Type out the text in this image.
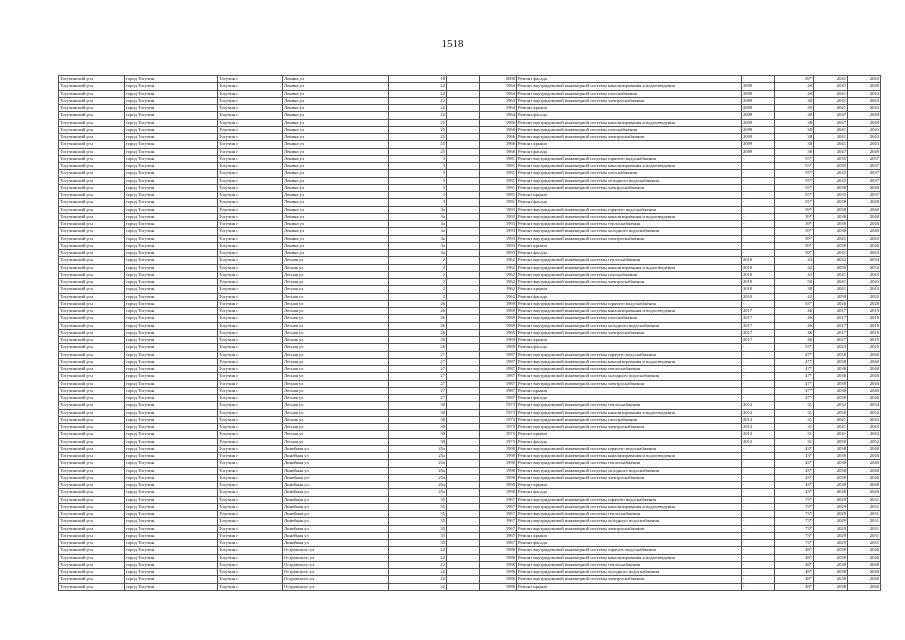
1518
Тогучинский р-н	город Тогучин	Тогучин г	Ленина ул	18		2000	Ремонт фасада	-	29*	2041	2043
Тогучинский р-н	город Тогучин	Тогучин г	Ленина ул	22		1964	Ремонт внутридомовой инженерной системы канализирования и водоотведения	2009	40	2047	2049
Тогучинский р-н	город Тогучин	Тогучин г	Ленина ул	22		1964	Ремонт внутридомовой инженерной системы газоснабжения	2009	40	2041	2043
Тогучинский р-н	город Тогучин	Тогучин г	Ленина ул	22		1964	Ремонт внутридомовой инженерной системы электроснабжения	2009	40	2041	2043
Тогучинский р-н	город Тогучин	Тогучин г	Ленина ул	22		1964	Ремонт крыши	2009	40	2041	2043
Тогучинский р-н	город Тогучин	Тогучин г	Ленина ул	22		1964	Ремонт фасада	2009	40	2047	2049
Тогучинский р-н	город Тогучин	Тогучин г	Ленина ул	25		1966	Ремонт внутридомовой инженерной системы канализирования и водоотведения	2009	38	2047	2049
Тогучинский р-н	город Тогучин	Тогучин г	Ленина ул	25		1966	Ремонт внутридомовой инженерной системы газоснабжения	2009	38	2041	2043
Тогучинский р-н	город Тогучин	Тогучин г	Ленина ул	25		1966	Ремонт внутридомовой инженерной системы электроснабжения	2009	38	2041	2043
Тогучинский р-н	город Тогучин	Тогучин г	Ленина ул	25		1966	Ремонт крыши	2009	38	2041	2043
Тогучинский р-н	город Тогучин	Тогучин г	Ленина ул	25		1966	Ремонт фасада	2009	38	2047	2049
Тогучинский р-н	город Тогучин	Тогучин г	Ленина ул	3		1981	Ремонт внутридомовой инженерной системы горячего водоснабжения	-	55*	2035	2037
Тогучинский р-н	город Тогучин	Тогучин г	Ленина ул	3		1981	Ремонт внутридомовой инженерной системы канализирования и водоотведения	-	55*	2035	2037
Тогучинский р-н	город Тогучин	Тогучин г	Ленина ул	3		1981	Ремонт внутридомовой инженерной системы газоснабжения	-	55*	2035	2037
Тогучинский р-н	город Тогучин	Тогучин г	Ленина ул	3		1981	Ремонт внутридомовой инженерной системы холодного водоснабжения	-	55*	2035	2037
Тогучинский р-н	город Тогучин	Тогучин г	Ленина ул	3		1981	Ремонт внутридомовой инженерной системы электроснабжения	-	55*	2038	2040
Тогучинский р-н	город Тогучин	Тогучин г	Ленина ул	3		1981	Ремонт крыши	-	55*	2035	2037
Тогучинский р-н	город Тогучин	Тогучин г	Ленина ул	3		1981	Ремонт фасада	-	55*	2038	2040
Тогучинский р-н	город Тогучин	Тогучин г	Ленина ул	3а		1993	Ремонт внутридомовой инженерной системы горячего водоснабжения	-	39*	2038	2040
Тогучинский р-н	город Тогучин	Тогучин г	Ленина ул	3а		1993	Ремонт внутридомовой инженерной системы канализирования и водоотведения	-	39*	2038	2040
Тогучинский р-н	город Тогучин	Тогучин г	Ленина ул	3а		1993	Ремонт внутридомовой инженерной системы теплоснабжения	-	39*	2038	2040
Тогучинский р-н	город Тогучин	Тогучин г	Ленина ул	3а		1993	Ремонт внутридомовой инженерной системы холодного водоснабжения	-	39*	2038	2040
Тогучинский р-н	город Тогучин	Тогучин г	Ленина ул	3а		1993	Ремонт внутридомовой инженерной системы электроснабжения	-	39*	2041	2043
Тогучинский р-н	город Тогучин	Тогучин г	Ленина ул	3а		1993	Ремонт крыши	-	39*	2038	2040
Тогучинский р-н	город Тогучин	Тогучин г	Ленина ул	3а		1993	Ремонт фасада	-	39*	2041	2043
Тогучинский р-н	город Тогучин	Тогучин г	Лесная ул	2		1962	Ремонт внутридомовой инженерной системы теплоснабжения	2010	43	2032	2034
Тогучинский р-н	город Тогучин	Тогучин г	Лесная ул	2		1962	Ремонт внутридомовой инженерной системы канализирования и водоотведения	2010	42	2050	2052
Тогучинский р-н	город Тогучин	Тогучин г	Лесная ул	2		1962	Ремонт внутридомовой инженерной системы газоснабжения	2010	43	2041	2043
Тогучинский р-н	город Тогучин	Тогучин г	Лесная ул	2		1962	Ремонт внутридомовой инженерной системы электроснабжения	2010	50	2041	2043
Тогучинский р-н	город Тогучин	Тогучин г	Лесная ул	2		1962	Ремонт крыши	2010	38	2041	2043
Тогучинский р-н	город Тогучин	Тогучин г	Лесная ул	2		1962	Ремонт фасада	2010	43	2050	2052
Тогучинский р-н	город Тогучин	Тогучин г	Лесная ул	26		1969	Ремонт внутридомовой инженерной системы горячего водоснабжения	-	53*	2026	2028
Тогучинский р-н	город Тогучин	Тогучин г	Лесная ул	26		1969	Ремонт внутридомовой инженерной системы канализирования и водоотведения	2017	46	2017	2019
Тогучинский р-н	город Тогучин	Тогучин г	Лесная ул	26		1969	Ремонт внутридомовой инженерной системы газоснабжения	2017	46	2017	2019
Тогучинский р-н	город Тогучин	Тогучин г	Лесная ул	26		1969	Ремонт внутридомовой инженерной системы холодного водоснабжения	2017	46	2017	2019
Тогучинский р-н	город Тогучин	Тогучин г	Лесная ул	26		1969	Ремонт внутридомовой инженерной системы электроснабжения	2017	46	2017	2019
Тогучинский р-н	город Тогучин	Тогучин г	Лесная ул	26		1969	Ремонт крыши	2017	46	2017	2019
Тогучинский р-н	город Тогучин	Тогучин г	Лесная ул	26		1969	Ремонт фасада	-	53*	2023	2025
Тогучинский р-н	город Тогучин	Тогучин г	Лесная ул	27		1987	Ремонт внутридомовой инженерной системы горячего водоснабжения	-	47*	2038	2040
Тогучинский р-н	город Тогучин	Тогучин г	Лесная ул	27		1987	Ремонт внутридомовой инженерной системы канализирования и водоотведения	-	47*	2038	2040
Тогучинский р-н	город Тогучин	Тогучин г	Лесная ул	27		1987	Ремонт внутридомовой инженерной системы теплоснабжения	-	47*	2038	2040
Тогучинский р-н	город Тогучин	Тогучин г	Лесная ул	27		1987	Ремонт внутридомовой инженерной системы холодного водоснабжения	-	47*	2038	2040
Тогучинский р-н	город Тогучин	Тогучин г	Лесная ул	27		1987	Ремонт внутридомовой инженерной системы электроснабжения	-	47*	2038	2040
Тогучинский р-н	город Тогучин	Тогучин г	Лесная ул	27		1987	Ремонт крыши	-	47*	2038	2040
Тогучинский р-н	город Тогучин	Тогучин г	Лесная ул	27		1987	Ремонт фасада	-	47*	2038	2040
Тогучинский р-н	город Тогучин	Тогучин г	Лесная ул	30		1973	Ремонт внутридомовой инженерной системы теплоснабжения	2012	31	2032	2034
Тогучинский р-н	город Тогучин	Тогучин г	Лесная ул	30		1973	Ремонт внутридомовой инженерной системы канализирования и водоотведения	2012	31	2050	2052
Тогучинский р-н	город Тогучин	Тогучин г	Лесная ул	30		1973	Ремонт внутридомовой инженерной системы газоснабжения	2012	31	2041	2043
Тогучинский р-н	город Тогучин	Тогучин г	Лесная ул	30		1973	Ремонт внутридомовой инженерной системы электроснабжения	2012	31	2041	2043
Тогучинский р-н	город Тогучин	Тогучин г	Лесная ул	30		1973	Ремонт крыши	2012	31	2041	2043
Тогучинский р-н	город Тогучин	Тогучин г	Лесная ул	30		1973	Ремонт фасада	2012	31	2050	2052
Тогучинский р-н	город Тогучин	Тогучин г	Линейная ул	25а		1990	Ремонт внутридомовой инженерной системы горячего водоснабжения	-	43*	2038	2040
Тогучинский р-н	город Тогучин	Тогучин г	Линейная ул	25а		1990	Ремонт внутридомовой инженерной системы канализирования и водоотведения	-	43*	2038	2040
Тогучинский р-н	город Тогучин	Тогучин г	Линейная ул	25а		1990	Ремонт внутридомовой инженерной системы теплоснабжения	-	43*	2038	2040
Тогучинский р-н	город Тогучин	Тогучин г	Линейная ул	25а		1990	Ремонт внутридомовой инженерной системы холодного водоснабжения	-	43*	2038	2040
Тогучинский р-н	город Тогучин	Тогучин г	Линейная ул	25а		1990	Ремонт внутридомовой инженерной системы электроснабжения	-	43*	2038	2040
Тогучинский р-н	город Тогучин	Тогучин г	Линейная ул	25а		1990	Ремонт крыши	-	43*	2038	2040
Тогучинский р-н	город Тогучин	Тогучин г	Линейная ул	25а		1990	Ремонт фасада	-	43*	2038	2040
Тогучинский р-н	город Тогучин	Тогучин г	Линейная ул	35		1967	Ремонт внутридомовой инженерной системы горячего водоснабжения	-	73*	2029	2031
Тогучинский р-н	город Тогучин	Тогучин г	Линейная ул	35		1967	Ремонт внутридомовой инженерной системы канализирования и водоотведения	-	73*	2029	2031
Тогучинский р-н	город Тогучин	Тогучин г	Линейная ул	35		1967	Ремонт внутридомовой инженерной системы теплоснабжения	-	73*	2029	2031
Тогучинский р-н	город Тогучин	Тогучин г	Линейная ул	35		1967	Ремонт внутридомовой инженерной системы холодного водоснабжения	-	73*	2029	2031
Тогучинский р-н	город Тогучин	Тогучин г	Линейная ул	35		1967	Ремонт внутридомовой инженерной системы электроснабжения	-	73*	2029	2031
Тогучинский р-н	город Тогучин	Тогучин г	Линейная ул	35		1967	Ремонт крыши	-	73*	2029	2031
Тогучинский р-н	город Тогучин	Тогучин г	Линейная ул	35		1967	Ремонт фасада	-	73*	2029	2031
Тогучинский р-н	город Тогучин	Тогучин г	Островского ул	22		1986	Ремонт внутридомовой инженерной системы горячего водоснабжения	-	48*	2038	2040
Тогучинский р-н	город Тогучин	Тогучин г	Островского ул	22		1986	Ремонт внутридомовой инженерной системы канализирования и водоотведения	-	48*	2038	2040
Тогучинский р-н	город Тогучин	Тогучин г	Островского ул	22		1986	Ремонт внутридомовой инженерной системы теплоснабжения	-	48*	2038	2040
Тогучинский р-н	город Тогучин	Тогучин г	Островского ул	22		1986	Ремонт внутридомовой инженерной системы холодного водоснабжения	-	48*	2038	2040
Тогучинский р-н	город Тогучин	Тогучин г	Островского ул	22		1986	Ремонт внутридомовой инженерной системы электроснабжения	-	48*	2038	2040
Тогучинский р-н	город Тогучин	Тогучин г	Островского ул	22		1986	Ремонт крыши	-	48*	2038	2040
